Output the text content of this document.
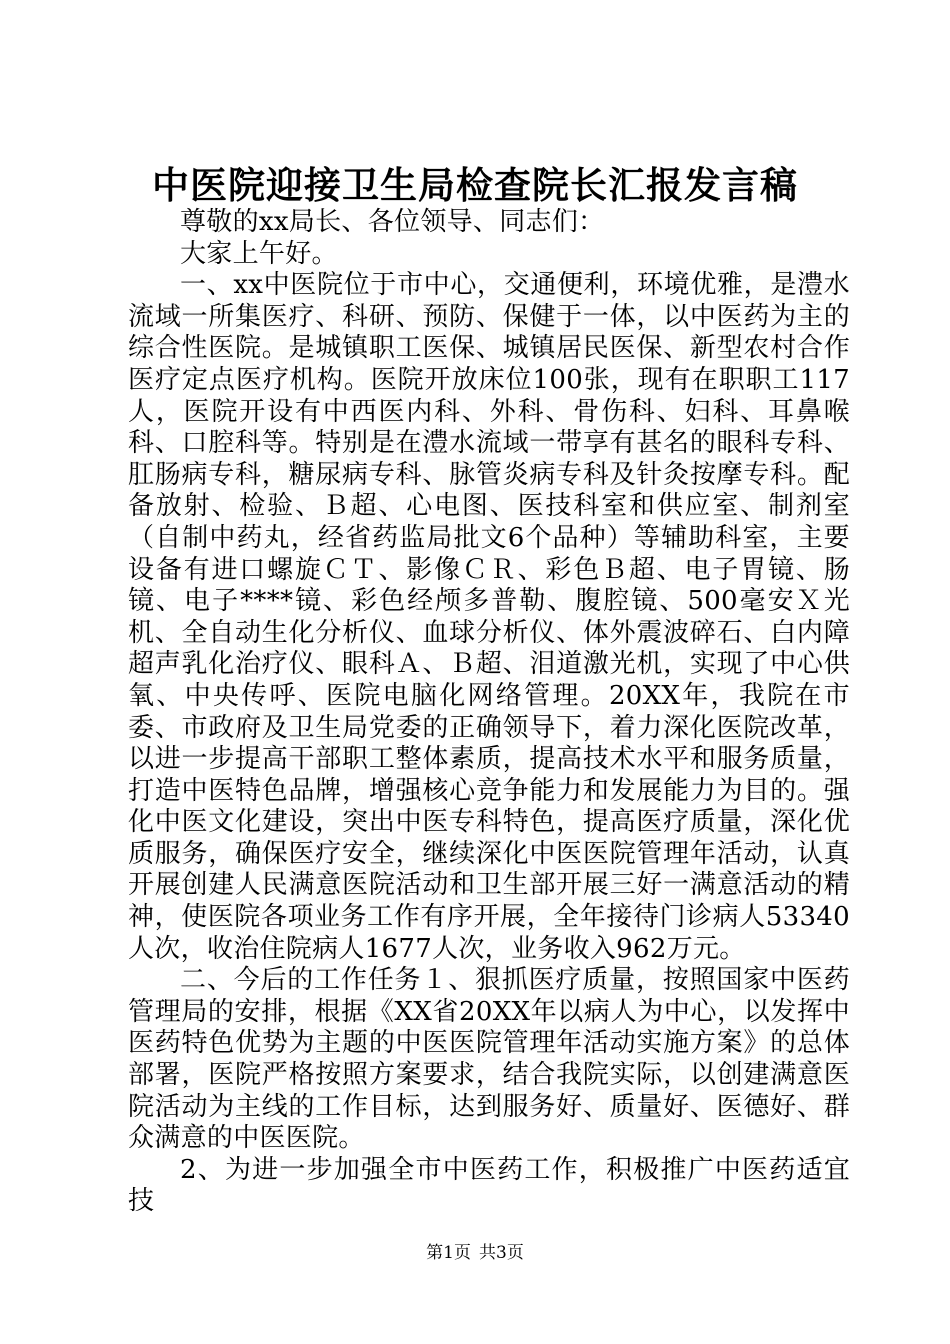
中医院迎接卫生局检查院长汇报发言稿

尊敬的xx局长、各位领导、同志们：

大家上午好。

一、xx中医院位于市中心，交通便利，环境优雅，是澧水流域一所集医疗、科研、预防、保健于一体，以中医药为主的综合性医院。是城镇职工医保、城镇居民医保、新型农村合作医疗定点医疗机构。医院开放床位100张，现有在职职工117人，医院开设有中西医内科、外科、骨伤科、妇科、耳鼻喉科、口腔科等。特别是在澧水流域一带享有甚名的眼科专科、肛肠病专科，糖尿病专科、脉管炎病专科及针灸按摩专科。配备放射、检验、Ｂ超、心电图、医技科室和供应室、制剂室（自制中药丸，经省药监局批文6个品种）等辅助科室，主要设备有进口螺旋ＣＴ、影像ＣＲ、彩色Ｂ超、电子胃镜、肠镜、电子****镜、彩色经颅多普勒、腹腔镜、500毫安Ｘ光机、全自动生化分析仪、血球分析仪、体外震波碎石、白内障超声乳化治疗仪、眼科Ａ、Ｂ超、泪道激光机，实现了中心供氧、中央传呼、医院电脑化网络管理。20XX年，我院在市委、市政府及卫生局党委的正确领导下，着力深化医院改革，以进一步提高干部职工整体素质，提高技术水平和服务质量，打造中医特色品牌，增强核心竞争能力和发展能力为目的。强化中医文化建设，突出中医专科特色，提高医疗质量，深化优质服务，确保医疗安全，继续深化中医医院管理年活动，认真开展创建人民满意医院活动和卫生部开展三好一满意活动的精神，使医院各项业务工作有序开展，全年接待门诊病人53340人次，收治住院病人1677人次，业务收入962万元。

二、今后的工作任务１、狠抓医疗质量，按照国家中医药管理局的安排，根据《XX省20XX年以病人为中心，以发挥中医药特色优势为主题的中医医院管理年活动实施方案》的总体部署，医院严格按照方案要求，结合我院实际，以创建满意医院活动为主线的工作目标，达到服务好、质量好、医德好、群众满意的中医医院。

2、为进一步加强全市中医药工作，积极推广中医药适宜技

第1页 共3页
